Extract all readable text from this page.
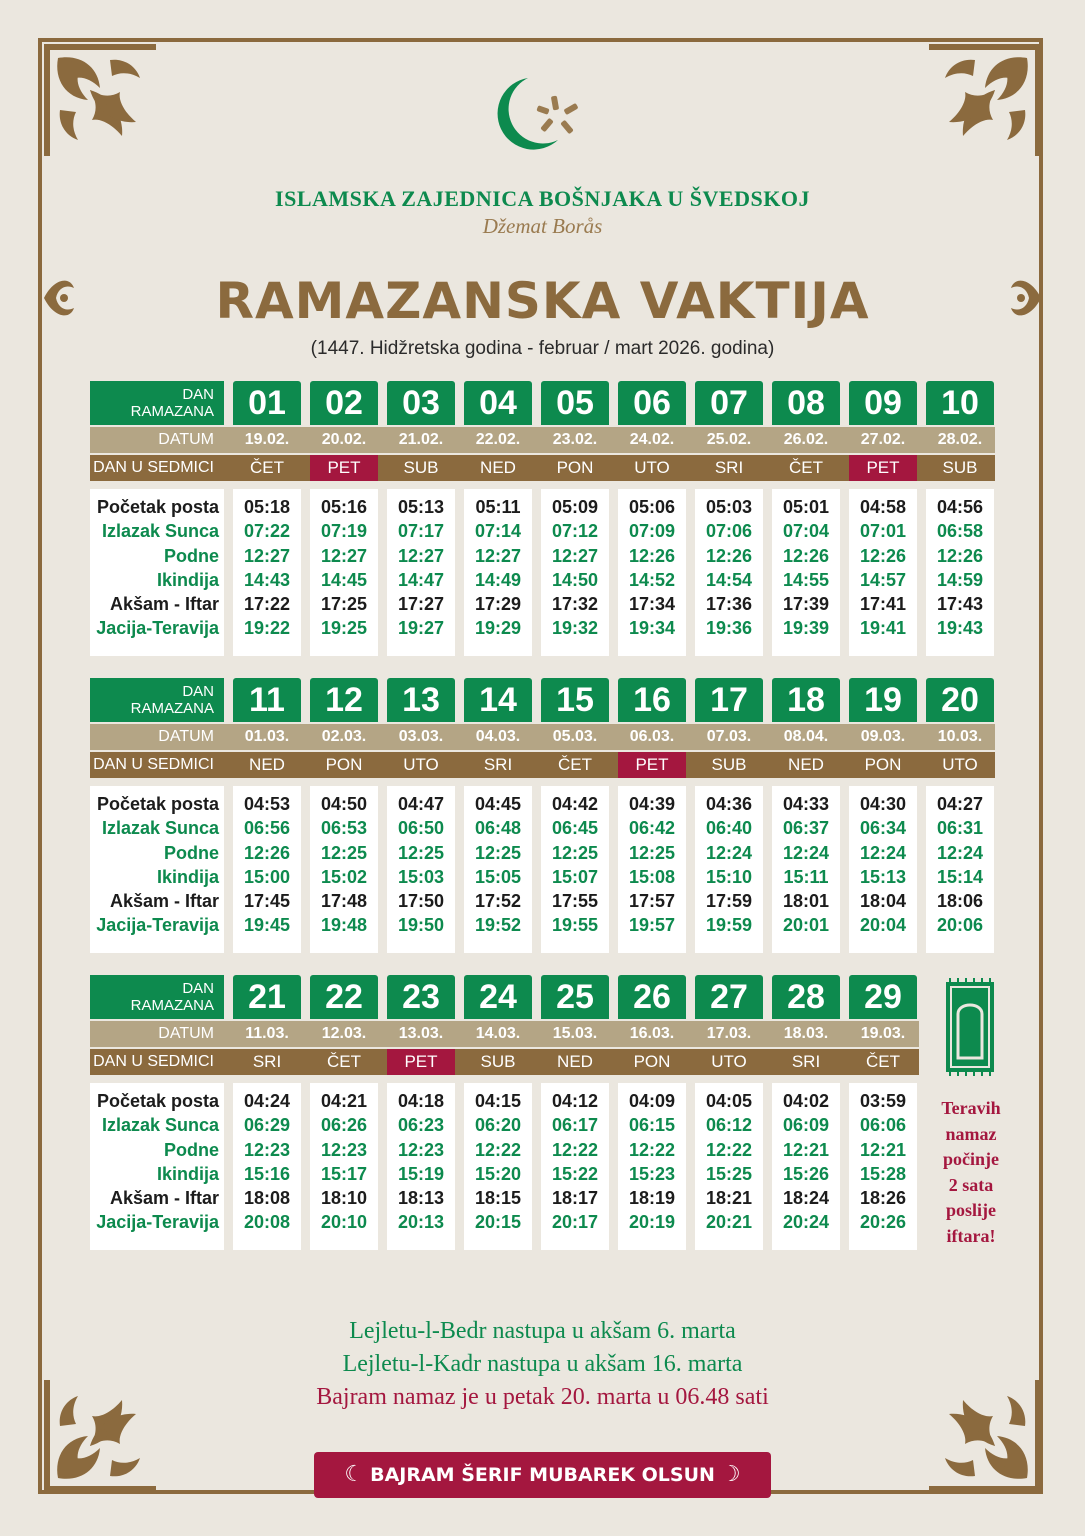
ISLAMSKA ZAJEDNICA BOŠNJAKA U ŠVEDSKOJ
Džemat Borås
RAMAZANSKA VAKTIJA
(1447. Hidžretska godina - februar / mart 2026. godina)
DAN
RAMAZANA
DATUM
DAN U SEDMICI
Početak posta
Izlazak Sunca
Podne
Ikindija
Akšam - Iftar
Jacija-Teravija
01
19.02.
ČET
05:18
07:22
12:27
14:43
17:22
19:22
02
20.02.
PET
05:16
07:19
12:27
14:45
17:25
19:25
03
21.02.
SUB
05:13
07:17
12:27
14:47
17:27
19:27
04
22.02.
NED
05:11
07:14
12:27
14:49
17:29
19:29
05
23.02.
PON
05:09
07:12
12:27
14:50
17:32
19:32
06
24.02.
UTO
05:06
07:09
12:26
14:52
17:34
19:34
07
25.02.
SRI
05:03
07:06
12:26
14:54
17:36
19:36
08
26.02.
ČET
05:01
07:04
12:26
14:55
17:39
19:39
09
27.02.
PET
04:58
07:01
12:26
14:57
17:41
19:41
10
28.02.
SUB
04:56
06:58
12:26
14:59
17:43
19:43
DAN
RAMAZANA
DATUM
DAN U SEDMICI
Početak posta
Izlazak Sunca
Podne
Ikindija
Akšam - Iftar
Jacija-Teravija
11
01.03.
NED
04:53
06:56
12:26
15:00
17:45
19:45
12
02.03.
PON
04:50
06:53
12:25
15:02
17:48
19:48
13
03.03.
UTO
04:47
06:50
12:25
15:03
17:50
19:50
14
04.03.
SRI
04:45
06:48
12:25
15:05
17:52
19:52
15
05.03.
ČET
04:42
06:45
12:25
15:07
17:55
19:55
16
06.03.
PET
04:39
06:42
12:25
15:08
17:57
19:57
17
07.03.
SUB
04:36
06:40
12:24
15:10
17:59
19:59
18
08.04.
NED
04:33
06:37
12:24
15:11
18:01
20:01
19
09.03.
PON
04:30
06:34
12:24
15:13
18:04
20:04
20
10.03.
UTO
04:27
06:31
12:24
15:14
18:06
20:06
DAN
RAMAZANA
DATUM
DAN U SEDMICI
Početak posta
Izlazak Sunca
Podne
Ikindija
Akšam - Iftar
Jacija-Teravija
21
11.03.
SRI
04:24
06:29
12:23
15:16
18:08
20:08
22
12.03.
ČET
04:21
06:26
12:23
15:17
18:10
20:10
23
13.03.
PET
04:18
06:23
12:23
15:19
18:13
20:13
24
14.03.
SUB
04:15
06:20
12:22
15:20
18:15
20:15
25
15.03.
NED
04:12
06:17
12:22
15:22
18:17
20:17
26
16.03.
PON
04:09
06:15
12:22
15:23
18:19
20:19
27
17.03.
UTO
04:05
06:12
12:22
15:25
18:21
20:21
28
18.03.
SRI
04:02
06:09
12:21
15:26
18:24
20:24
29
19.03.
ČET
03:59
06:06
12:21
15:28
18:26
20:26
Teravih
namaz
počinje
2 sata
poslije
iftara!
Lejletu-l-Bedr nastupa u akšam 6. marta
Lejletu-l-Kadr nastupa u akšam 16. marta
Bajram namaz je u petak 20. marta u 06.48 sati
☾ BAJRAM ŠERIF MUBAREK OLSUN ☽
